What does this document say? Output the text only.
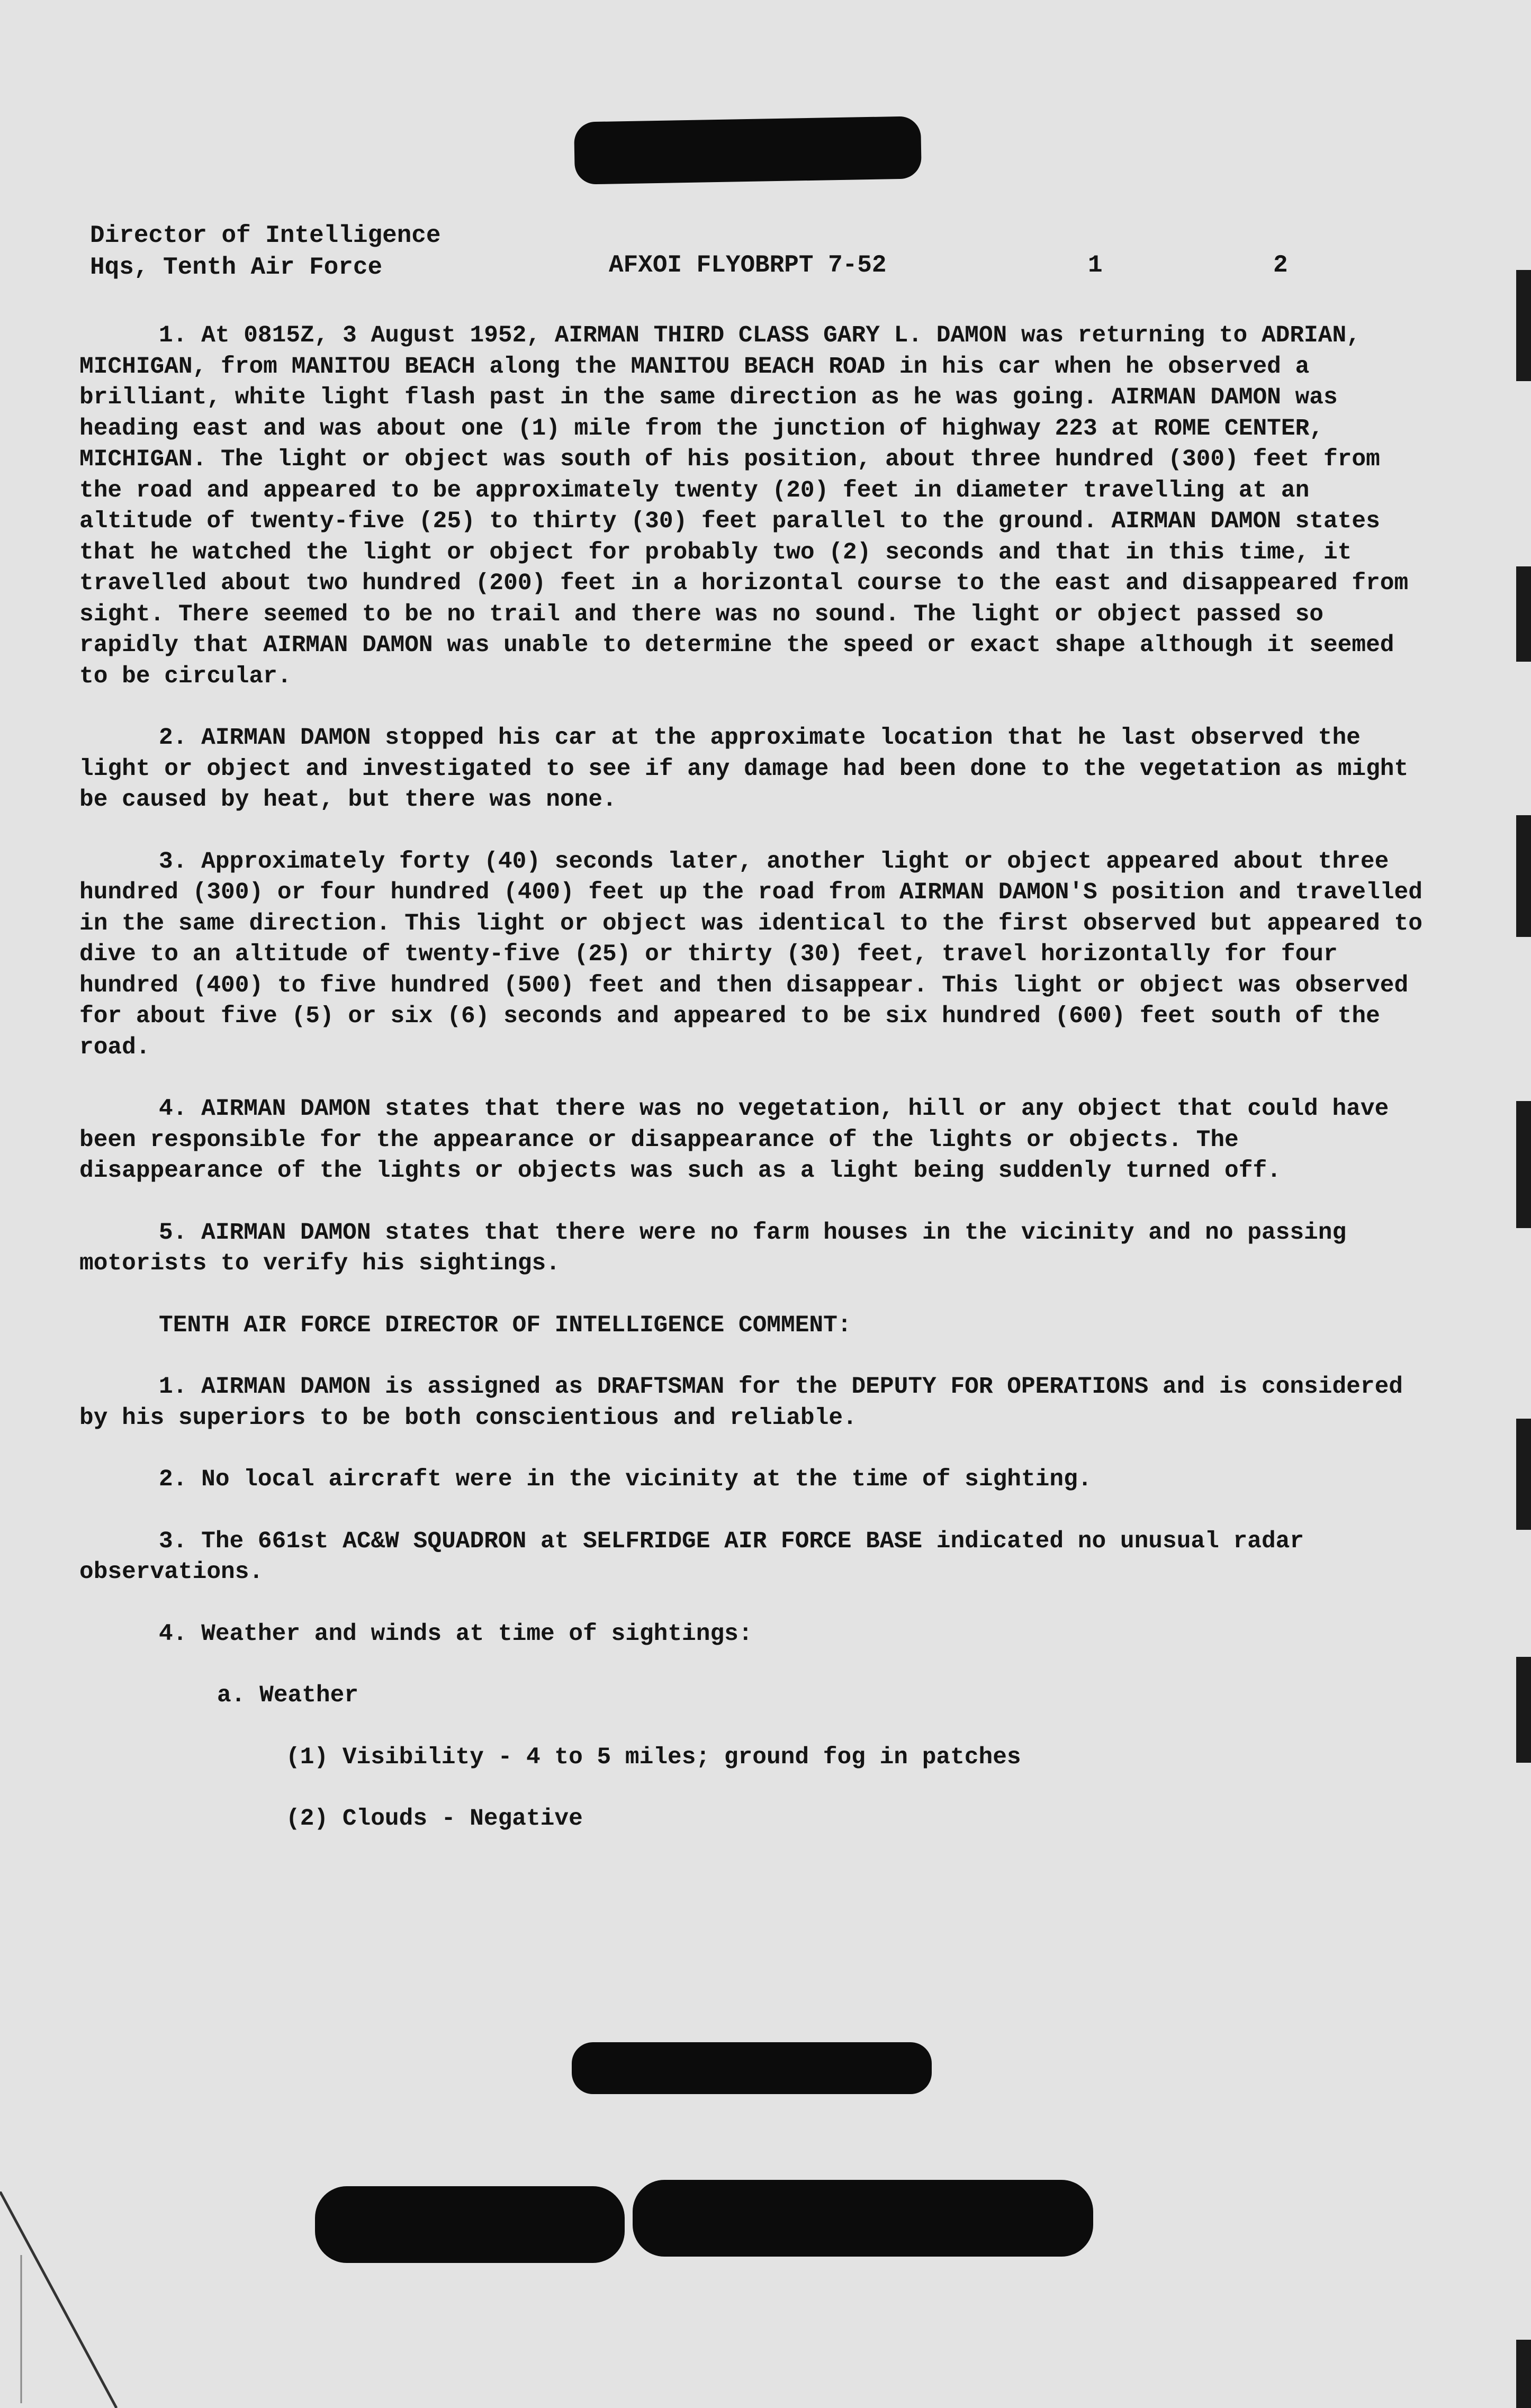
Director of Intelligence
Hqs, Tenth Air Force	AFXOI FLYOBRPT 7-52	1	2

1. At 0815Z, 3 August 1952, AIRMAN THIRD CLASS GARY L. DAMON was returning to ADRIAN, MICHIGAN, from MANITOU BEACH along the MANITOU BEACH ROAD in his car when he observed a brilliant, white light flash past in the same direction as he was going. AIRMAN DAMON was heading east and was about one (1) mile from the junction of highway 223 at ROME CENTER, MICHIGAN. The light or object was south of his position, about three hundred (300) feet from the road and appeared to be approximately twenty (20) feet in diameter travelling at an altitude of twenty-five (25) to thirty (30) feet parallel to the ground. AIRMAN DAMON states that he watched the light or object for probably two (2) seconds and that in this time, it travelled about two hundred (200) feet in a horizontal course to the east and disappeared from sight. There seemed to be no trail and there was no sound. The light or object passed so rapidly that AIRMAN DAMON was unable to determine the speed or exact shape although it seemed to be circular.

2. AIRMAN DAMON stopped his car at the approximate location that he last observed the light or object and investigated to see if any damage had been done to the vegetation as might be caused by heat, but there was none.

3. Approximately forty (40) seconds later, another light or object appeared about three hundred (300) or four hundred (400) feet up the road from AIRMAN DAMON'S position and travelled in the same direction. This light or object was identical to the first observed but appeared to dive to an altitude of twenty-five (25) or thirty (30) feet, travel horizontally for four hundred (400) to five hundred (500) feet and then disappear. This light or object was observed for about five (5) or six (6) seconds and appeared to be six hundred (600) feet south of the road.

4. AIRMAN DAMON states that there was no vegetation, hill or any object that could have been responsible for the appearance or disappearance of the lights or objects. The disappearance of the lights or objects was such as a light being suddenly turned off.

5. AIRMAN DAMON states that there were no farm houses in the vicinity and no passing motorists to verify his sightings.

TENTH AIR FORCE DIRECTOR OF INTELLIGENCE COMMENT:

1. AIRMAN DAMON is assigned as DRAFTSMAN for the DEPUTY FOR OPERATIONS and is considered by his superiors to be both conscientious and reliable.

2. No local aircraft were in the vicinity at the time of sighting.

3. The 661st AC&W SQUADRON at SELFRIDGE AIR FORCE BASE indicated no unusual radar observations.

4. Weather and winds at time of sightings:

a. Weather
(1) Visibility - 4 to 5 miles; ground fog in patches
(2) Clouds - Negative
